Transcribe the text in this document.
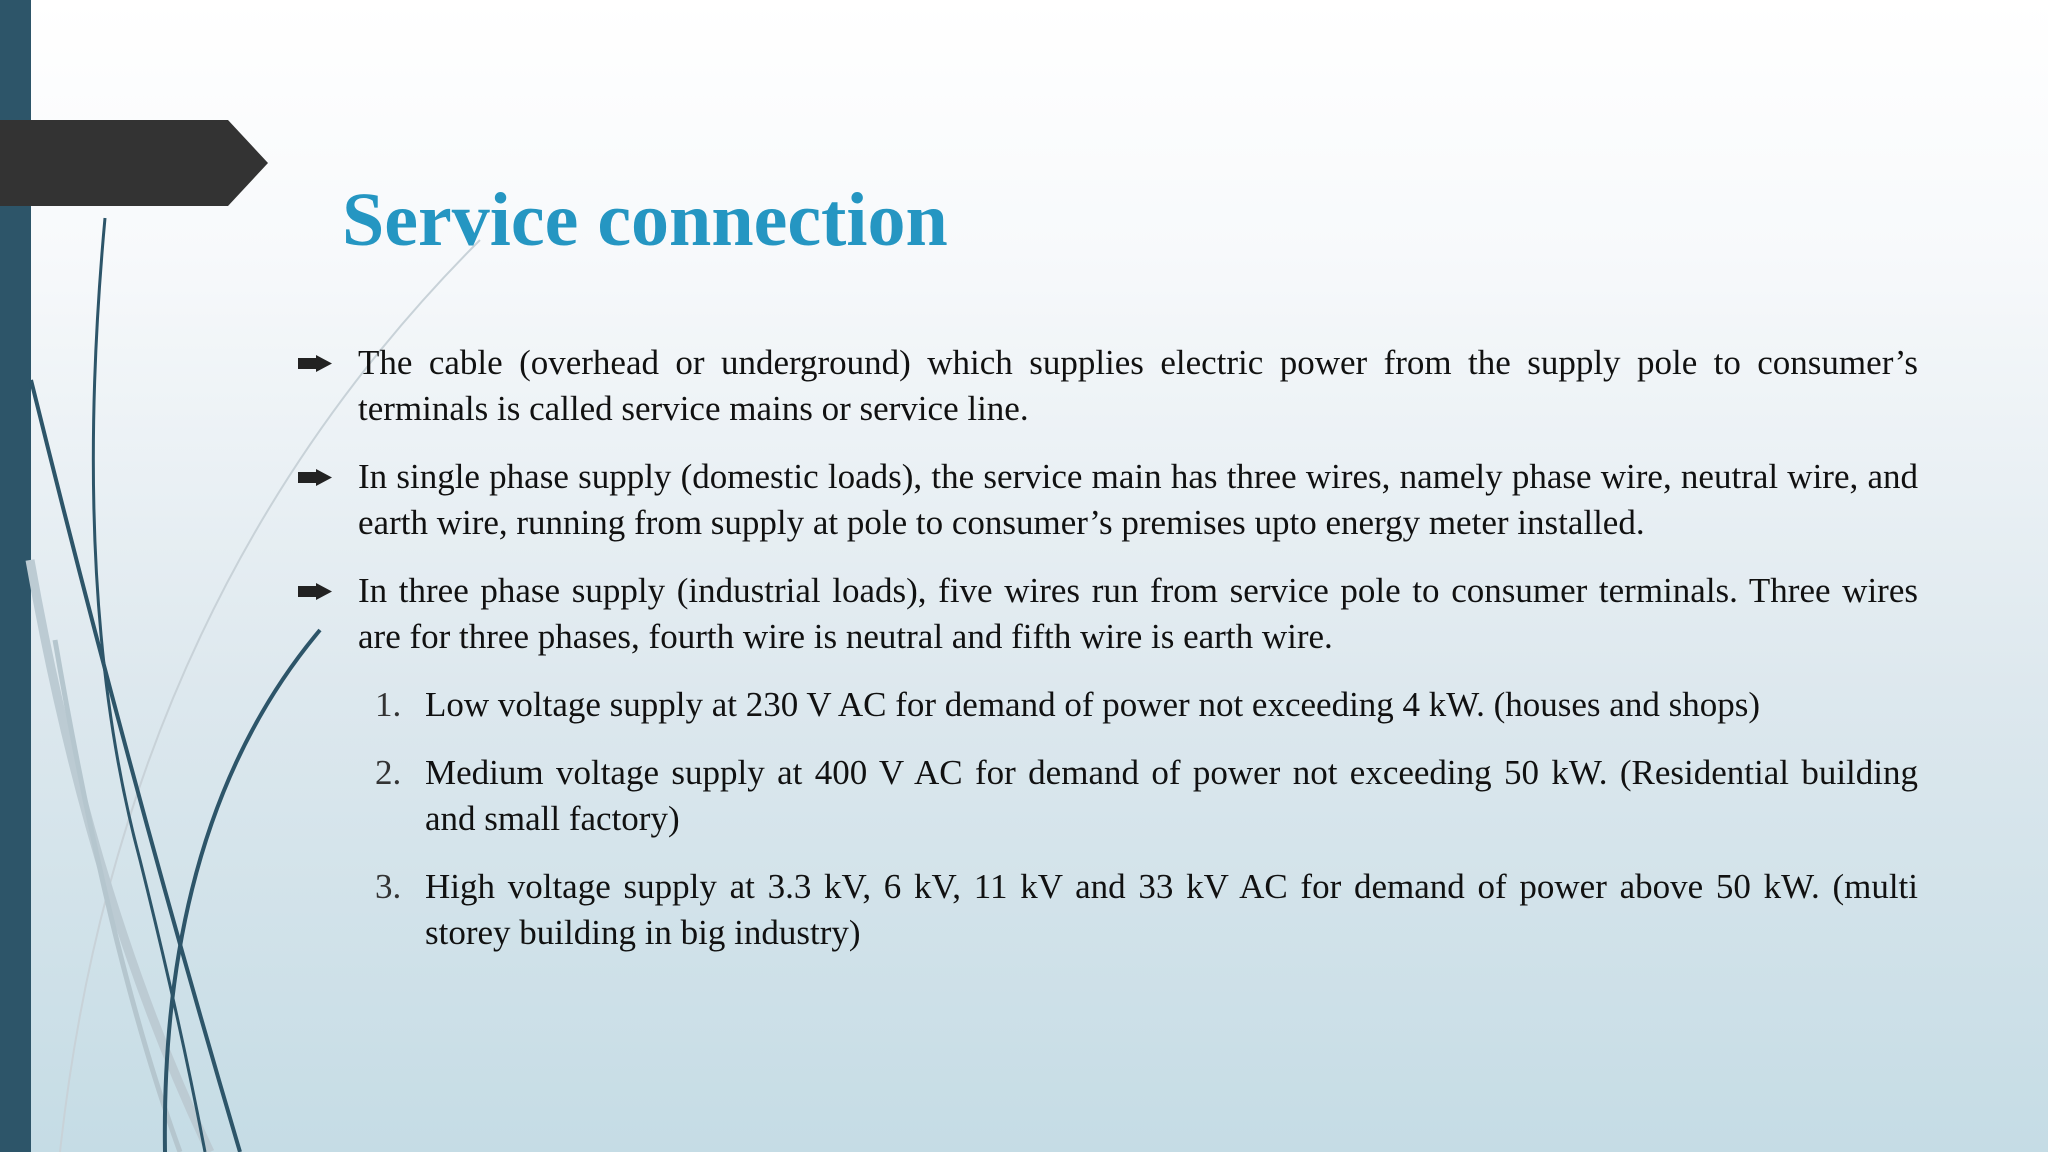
Service connection
The cable (overhead or underground) which supplies electric power from the supply pole to consumer’s terminals is called service mains or service line.
In single phase supply (domestic loads), the service main has three wires, namely phase wire, neutral wire, and earth wire, running from supply at pole to consumer’s premises upto energy meter installed.
In three phase supply (industrial loads), five wires run from service pole to consumer terminals. Three wires are for three phases, fourth wire is neutral and fifth wire is earth wire.
1. Low voltage supply at 230 V AC for demand of power not exceeding 4 kW. (houses and shops)
2. Medium voltage supply at 400 V AC for demand of power not exceeding 50 kW. (Residential building and small factory)
3. High voltage supply at 3.3 kV, 6 kV, 11 kV and 33 kV AC for demand of power above 50 kW. (multi storey building in big industry)
